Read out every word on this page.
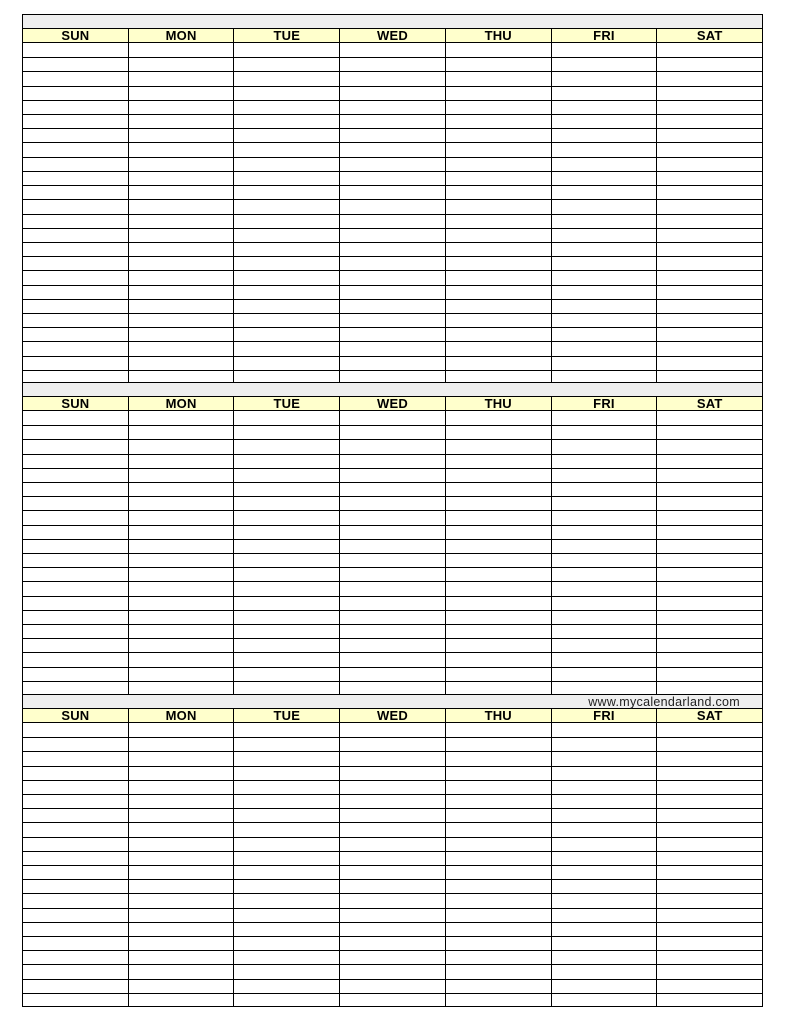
SUN	MON	TUE	WED	THU	FRI	SAT
SUN	MON	TUE	WED	THU	FRI	SAT
www.mycalendarland.com
SUN	MON	TUE	WED	THU	FRI	SAT
